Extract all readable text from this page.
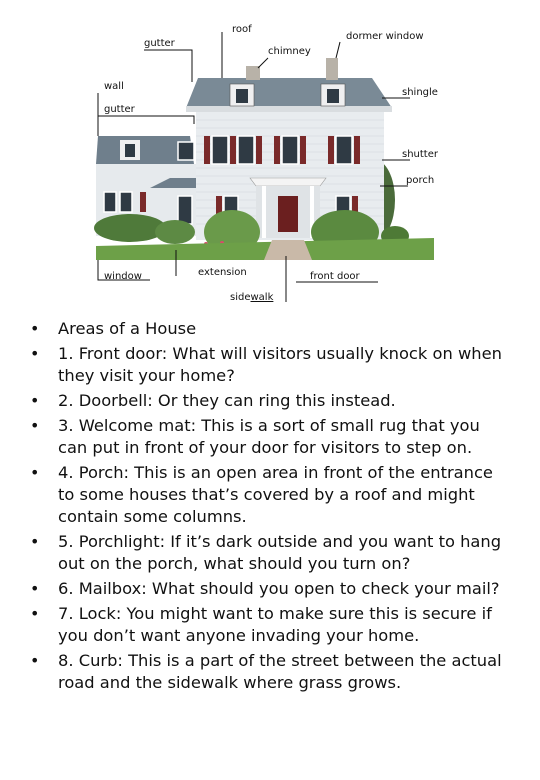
gutter
roof
chimney
dormer window
wall
gutter
shingle
shutter
porch
window	extension	front door
sidewalk
• Areas of a House
• 1. Front door: What will visitors usually knock on when they visit your home?
• 2. Doorbell: Or they can ring this instead.
• 3. Welcome mat: This is a sort of small rug that you can put in front of your door for visitors to step on.
• 4. Porch: This is an open area in front of the entrance to some houses that’s covered by a roof and might contain some columns.
• 5. Porchlight: If it’s dark outside and you want to hang out on the porch, what should you turn on?
• 6. Mailbox: What should you open to check your mail?
• 7. Lock: You might want to make sure this is secure if you don’t want anyone invading your home.
• 8. Curb: This is a part of the street between the actual road and the sidewalk where grass grows.
